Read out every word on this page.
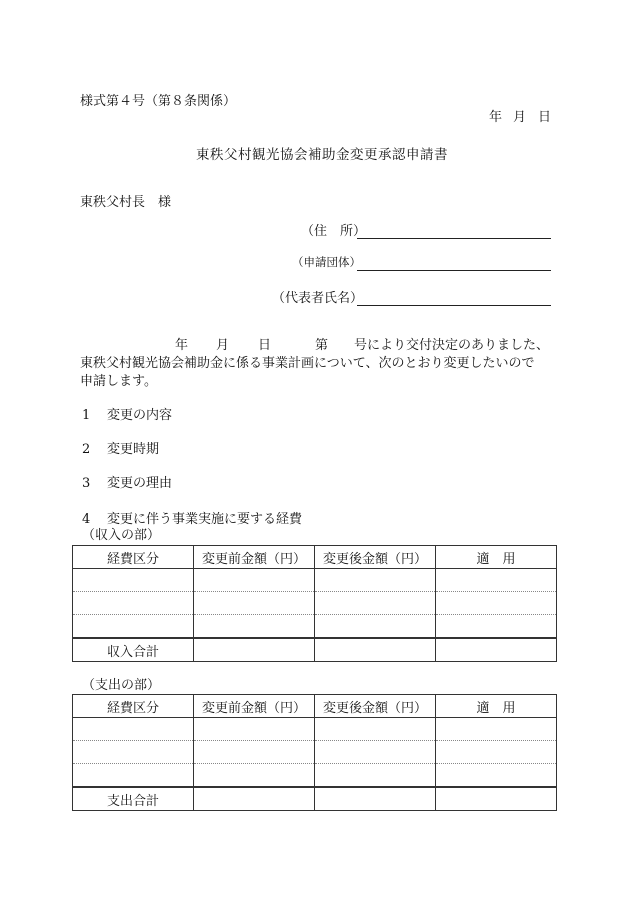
様式第４号（第８条関係）
年 月 日
東秩父村観光協会補助金変更承認申請書
東秩父村長　様
（住　所）
（申請団体）
（代表者氏名）
年 月 日	第 号により交付決定のありました、
東秩父村観光協会補助金に係る事業計画について、次のとおり変更したいので
申請します。
1 変更の内容
2 変更時期
3 変更の理由
4 変更に伴う事業実施に要する経費
（収入の部）
経費区分	変更前金額（円）	変更後金額（円）	適　用

収入合計			
（支出の部）
経費区分	変更前金額（円）	変更後金額（円）	適　用

支出合計			
